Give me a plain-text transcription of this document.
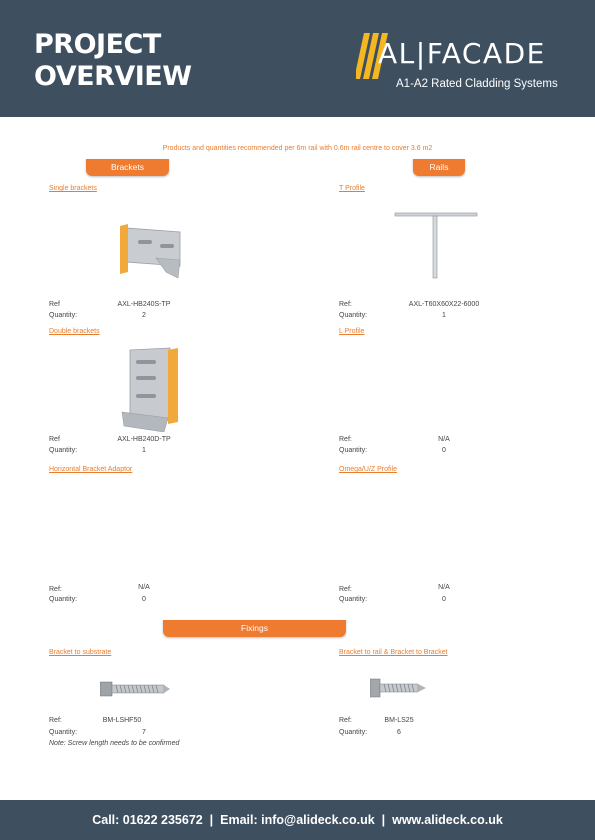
PROJECT
OVERVIEW
AL|FACADE
A1-A2 Rated Cladding Systems
Products and quantities recommended per 6m rail with 0.6m rail centre to cover 3.6 m2
Brackets	Rails
Single brackets
Ref	AXL-HB240S-TP
Quantity:	2
T Profile
Ref:	AXL-T60X60X22-6000
Quantity:	1
Double brackets
Ref	AXL-HB240D-TP
Quantity:	1
L Profile
Ref:	N/A
Quantity:	0
Horizontal Bracket Adaptor
Ref:	N/A
Quantity:	0
Omega/U/Z Profile
Ref:	N/A
Quantity:	0
Fixings
Bracket to substrate
Ref:	BM-LSHF50
Quantity:	7
Note: Screw length needs to be confirmed
Bracket to rail & Bracket to Bracket
Ref:	BM-LS25
Quantity:	6
Call: 01622 235672  |  Email: info@alideck.co.uk  |  www.alideck.co.uk
